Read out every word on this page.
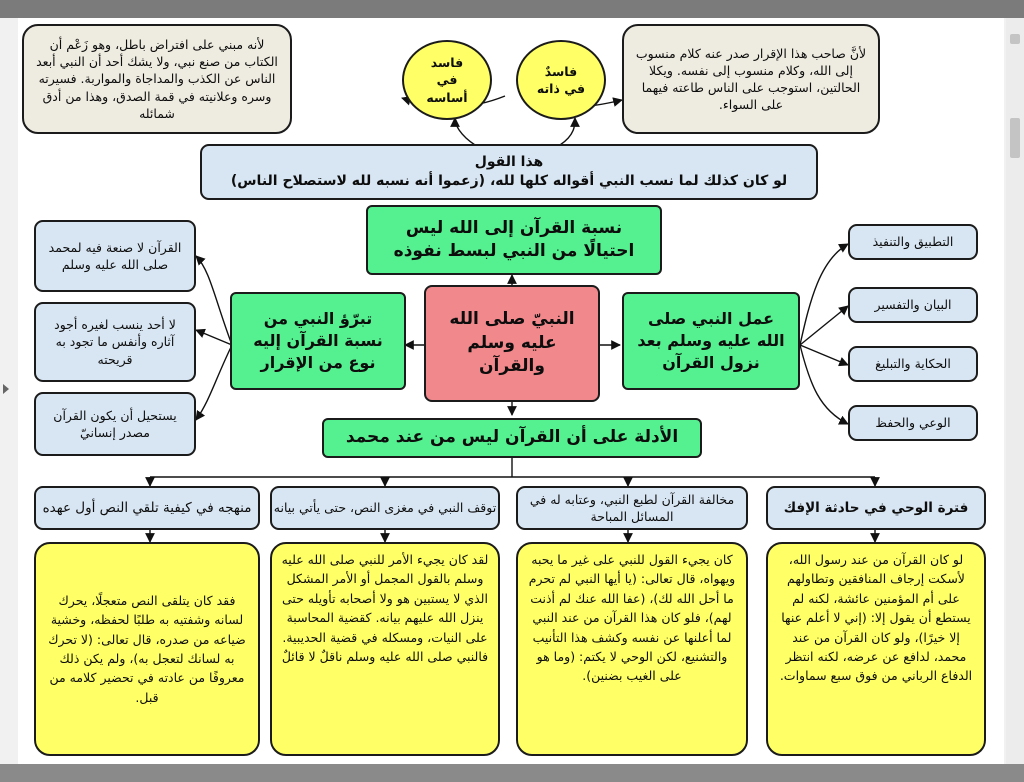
لأنَّ صاحب هذا الإقرار صدر عنه كلام منسوب إلى الله، وكلام منسوب إلى نفسه. ويكلا الحالتين، استوجب على الناس طاعته فيهما على السواء.
لأنه مبني على افتراض باطل، وهو زَعْم أن الكتاب من صنع نبي، ولا يشك أحد أن النبي أبعد الناس عن الكذب والمداجاة والمواربة. فسيرته وسره وعلانيته في قمة الصدق، وهذا من أدق شمائله
فاسدٌ في ذاته
فاسد في أساسه
هذا القول
لو كان كذلك لما نسب النبي أقواله كلها لله، (زعموا أنه نسبه لله لاستصلاح الناس)
نسبة القرآن إلى الله ليس احتيالًا من النبي لبسط نفوذه
النبيّ صلى الله عليه وسلم والقرآن
عمل النبي صلى الله عليه وسلم بعد نزول القرآن
تبرّؤ النبي من نسبة القرآن إليه نوع من الإقرار
الأدلة على أن القرآن ليس من عند محمد
التطبيق والتنفيذ
البيان والتفسير
الحكاية والتبليغ
الوعي والحفظ
القرآن لا صنعة فيه لمحمد صلى الله عليه وسلم
لا أحد ينسب لغيره أجود آثاره وأنفس ما تجود به قريحته
يستحيل أن يكون القرآن مصدر إنسانيّ
فترة الوحي في حادثة الإفك
مخالفة القرآن لطبع النبي، وعتابه له في المسائل المباحة
توقف النبي في مغزى النص، حتى يأتي بيانه
منهجه في كيفية تلقي النص أول عهده
لو كان القرآن من عند رسول الله، لأسكت إرجاف المنافقين وتطاولهم على أم المؤمنين عائشة، لكنه لم يستطع أن يقول إلا: (إني لا أعلم عنها إلا خيرًا)، ولو كان القرآن من عند محمد، لدافع عن عرضه، لكنه انتظر الدفاع الرباني من فوق سبع سماوات.
كان يجيء القول للنبي على غير ما يحبه ويهواه، قال تعالى: (يا أيها النبي لم تحرم ما أحل الله لك)، (عفا الله عنك لم أذنت لهم)، فلو كان هذا القرآن من عند النبي لما أعلنها عن نفسه وكشف هذا التأنيب والتشنيع، لكن الوحي لا يكتم: (وما هو على الغيب بضنين).
لقد كان يجيء الأمر للنبي صلى الله عليه وسلم بالقول المجمل أو الأمر المشكل الذي لا يستبين هو ولا أصحابه تأويله حتى ينزل الله عليهم بيانه. كقضية المحاسبة على النيات، ومسكله في قضية الحديبية. فالنبي صلى الله عليه وسلم ناقلٌ لا قائلٌ
فقد كان يتلقى النص متعجلًا، يحرك لسانه وشفتيه به طلبًا لحفظه، وخشية ضياعه من صدره، قال تعالى: (لا تحرك به لسانك لتعجل به)، ولم يكن ذلك معروفًا من عادته في تحضير كلامه من قبل.
